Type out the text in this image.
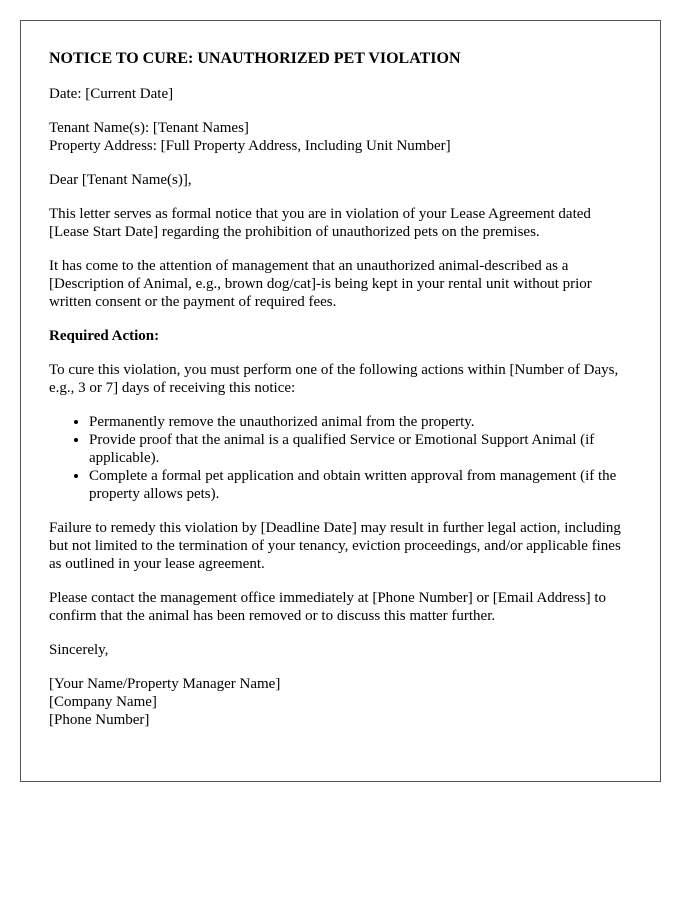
NOTICE TO CURE: UNAUTHORIZED PET VIOLATION

Date: [Current Date]

Tenant Name(s): [Tenant Names]
Property Address: [Full Property Address, Including Unit Number]

Dear [Tenant Name(s)],

This letter serves as formal notice that you are in violation of your Lease Agreement dated [Lease Start Date] regarding the prohibition of unauthorized pets on the premises.

It has come to the attention of management that an unauthorized animal-described as a [Description of Animal, e.g., brown dog/cat]-is being kept in your rental unit without prior written consent or the payment of required fees.

Required Action:

To cure this violation, you must perform one of the following actions within [Number of Days, e.g., 3 or 7] days of receiving this notice:

• Permanently remove the unauthorized animal from the property.
• Provide proof that the animal is a qualified Service or Emotional Support Animal (if applicable).
• Complete a formal pet application and obtain written approval from management (if the property allows pets).

Failure to remedy this violation by [Deadline Date] may result in further legal action, including but not limited to the termination of your tenancy, eviction proceedings, and/or applicable fines as outlined in your lease agreement.

Please contact the management office immediately at [Phone Number] or [Email Address] to confirm that the animal has been removed or to discuss this matter further.

Sincerely,

[Your Name/Property Manager Name]
[Company Name]
[Phone Number]
